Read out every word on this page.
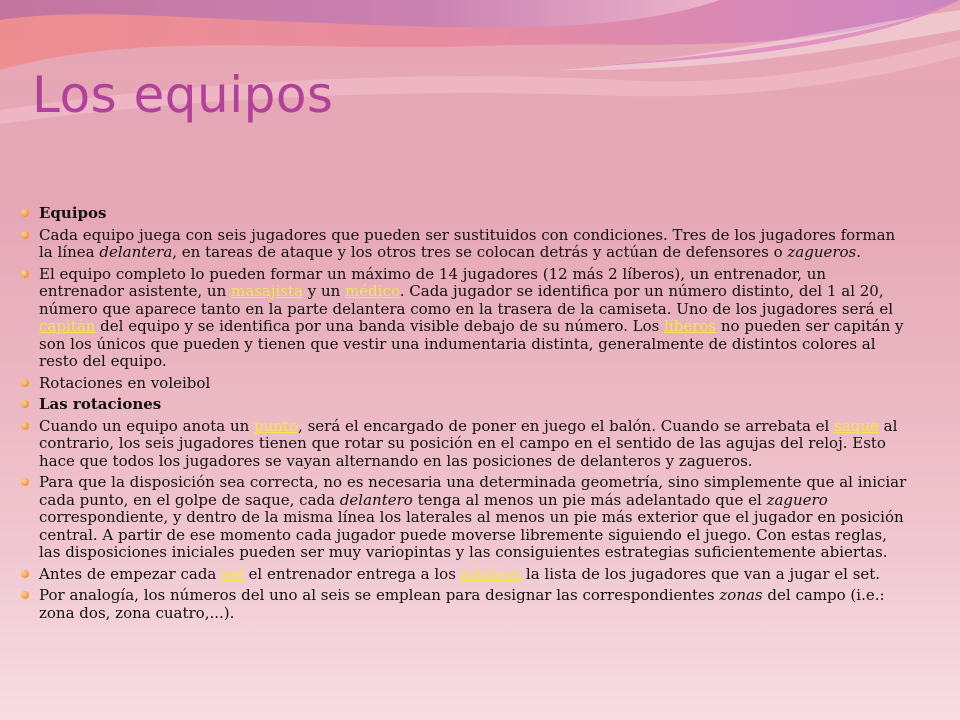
Los equipos
Equipos
Cada equipo juega con seis jugadores que pueden ser sustituidos con condiciones. Tres de los jugadores forman la línea delantera, en tareas de ataque y los otros tres se colocan detrás y actúan de defensores o zagueros.
El equipo completo lo pueden formar un máximo de 14 jugadores (12 más 2 líberos), un entrenador, un entrenador asistente, un masajista y un médico. Cada jugador se identifica por un número distinto, del 1 al 20, número que aparece tanto en la parte delantera como en la trasera de la camiseta. Uno de los jugadores será el capitán del equipo y se identifica por una banda visible debajo de su número. Los líberos no pueden ser capitán y son los únicos que pueden y tienen que vestir una indumentaria distinta, generalmente de distintos colores al resto del equipo.
Rotaciones en voleibol
Las rotaciones
Cuando un equipo anota un punto, será el encargado de poner en juego el balón. Cuando se arrebata el saque al contrario, los seis jugadores tienen que rotar su posición en el campo en el sentido de las agujas del reloj. Esto hace que todos los jugadores se vayan alternando en las posiciones de delanteros y zagueros.
Para que la disposición sea correcta, no es necesaria una determinada geometría, sino simplemente que al iniciar cada punto, en el golpe de saque, cada delantero tenga al menos un pie más adelantado que el zaguero correspondiente, y dentro de la misma línea los laterales al menos un pie más exterior que el jugador en posición central. A partir de ese momento cada jugador puede moverse libremente siguiendo el juego. Con estas reglas, las disposiciones iniciales pueden ser muy variopintas y las consiguientes estrategias suficientemente abiertas.
Antes de empezar cada set el entrenador entrega a los árbitros la lista de los jugadores que van a jugar el set.
Por analogía, los números del uno al seis se emplean para designar las correspondientes zonas del campo (i.e.: zona dos, zona cuatro,...).
